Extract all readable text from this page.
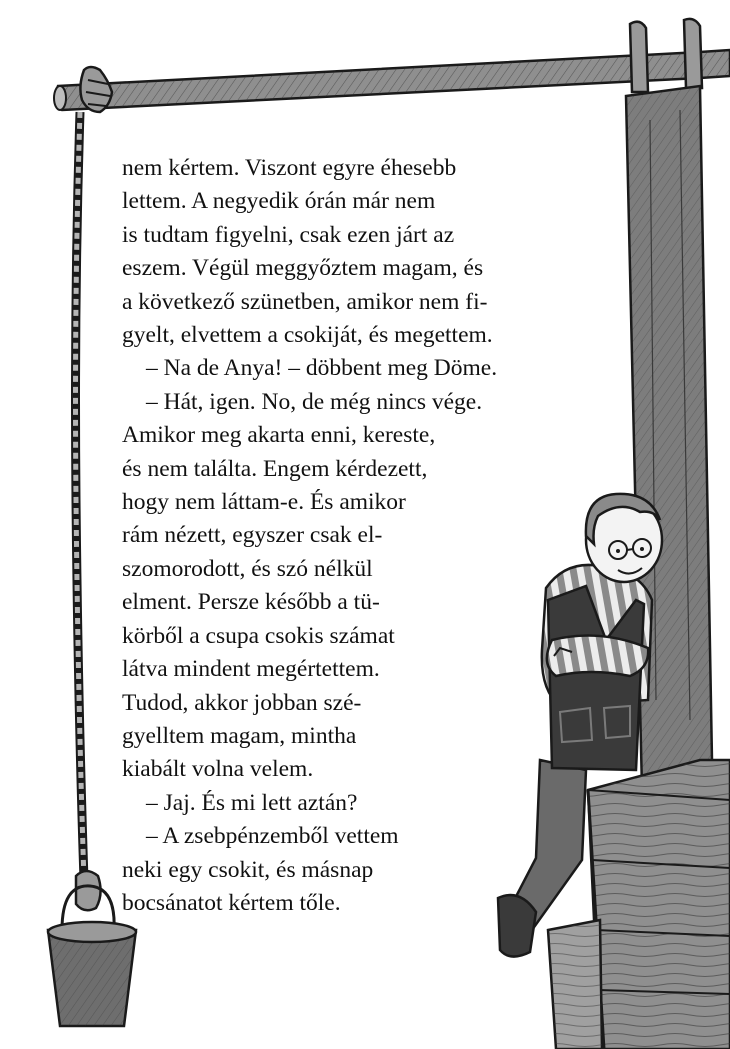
nem kértem. Viszont egyre éhesebb
lettem. A negyedik órán már nem
is tudtam figyelni, csak ezen járt az
eszem. Végül meggyőztem magam, és
a következő szünetben, amikor nem fi-
gyelt, elvettem a csokiját, és megettem.
– Na de Anya! – döbbent meg Döme.
– Hát, igen. No, de még nincs vége.
Amikor meg akarta enni, kereste,
és nem találta. Engem kérdezett,
hogy nem láttam-e. És amikor
rám nézett, egyszer csak el-
szomorodott, és szó nélkül
elment. Persze később a tü-
körből a csupa csokis számat
látva mindent megértettem.
Tudod, akkor jobban szé-
gyelltem magam, mintha
kiabált volna velem.
– Jaj. És mi lett aztán?
– A zsebpénzemből vettem
neki egy csokit, és másnap
bocsánatot kértem tőle.
